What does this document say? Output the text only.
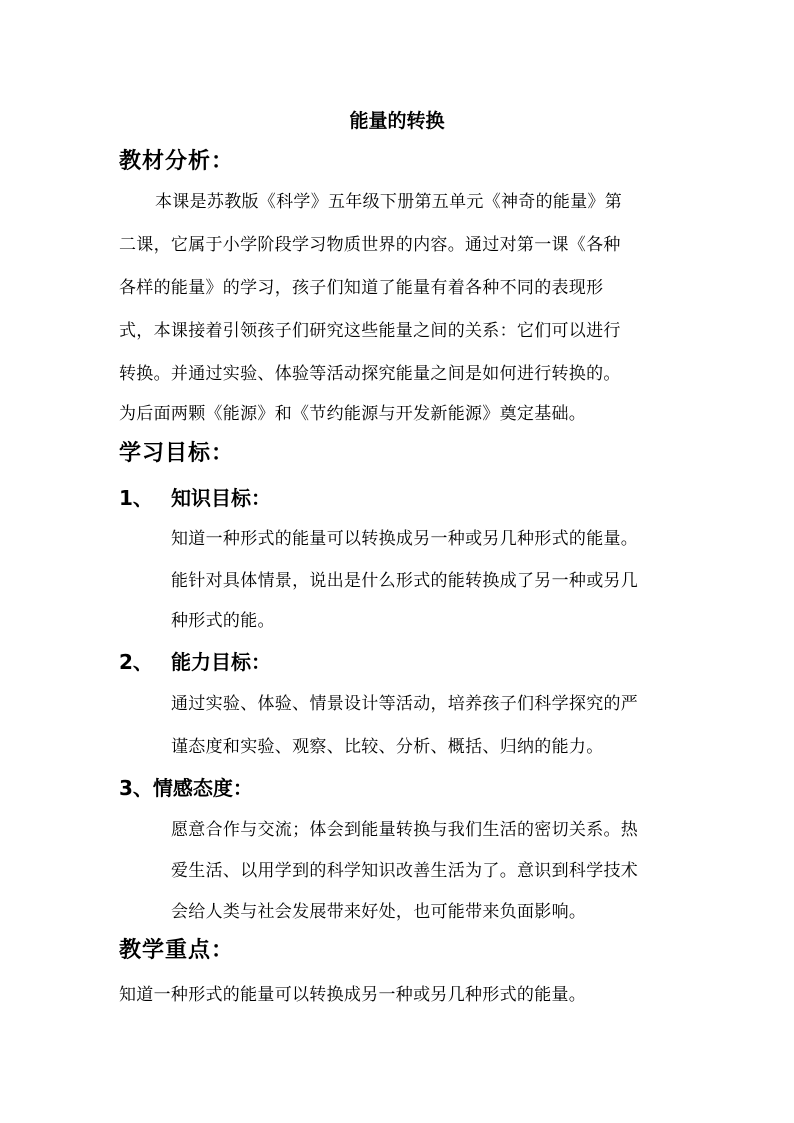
能量的转换
教材分析：
本课是苏教版《科学》五年级下册第五单元《神奇的能量》第
二课，它属于小学阶段学习物质世界的内容。通过对第一课《各种
各样的能量》的学习，孩子们知道了能量有着各种不同的表现形
式，本课接着引领孩子们研究这些能量之间的关系：它们可以进行
转换。并通过实验、体验等活动探究能量之间是如何进行转换的。
为后面两颗《能源》和《节约能源与开发新能源》奠定基础。
学习目标：
1、 知识目标：
知道一种形式的能量可以转换成另一种或另几种形式的能量。
能针对具体情景，说出是什么形式的能转换成了另一种或另几
种形式的能。
2、 能力目标：
通过实验、体验、情景设计等活动，培养孩子们科学探究的严
谨态度和实验、观察、比较、分析、概括、归纳的能力。
3、情感态度：
愿意合作与交流；体会到能量转换与我们生活的密切关系。热
爱生活、以用学到的科学知识改善生活为了。意识到科学技术
会给人类与社会发展带来好处，也可能带来负面影响。
教学重点：
知道一种形式的能量可以转换成另一种或另几种形式的能量。
